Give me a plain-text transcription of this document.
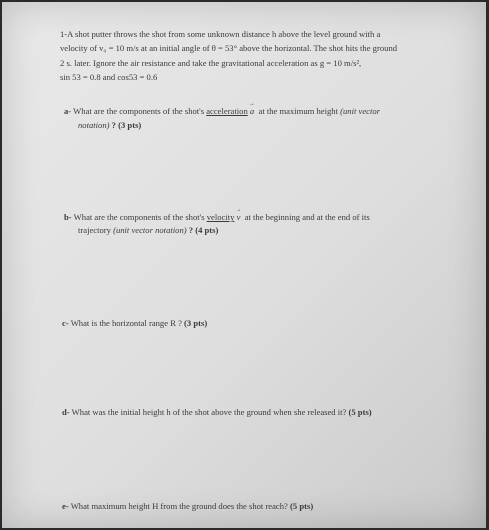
1-A shot putter throws the shot from some unknown distance h above the level ground with a
velocity of v₀ = 10 m/s at an initial angle of θ = 53° above the horizontal. The shot hits the ground
2 s. later. Ignore the air resistance and take the gravitational acceleration as g = 10 m/s²,
sin 53 = 0.8 and cos53 = 0.6
a- What are the components of the shot's acceleration → a at the maximum height (unit vector
notation) ? (3 pts)
b- What are the components of the shot's velocity → v at the beginning and at the end of its
trajectory (unit vector notation) ? (4 pts)
c- What is the horizontal range R ? (3 pts)
d- What was the initial height h of the shot above the ground when she released it? (5 pts)
e- What maximum height H from the ground does the shot reach? (5 pts)
